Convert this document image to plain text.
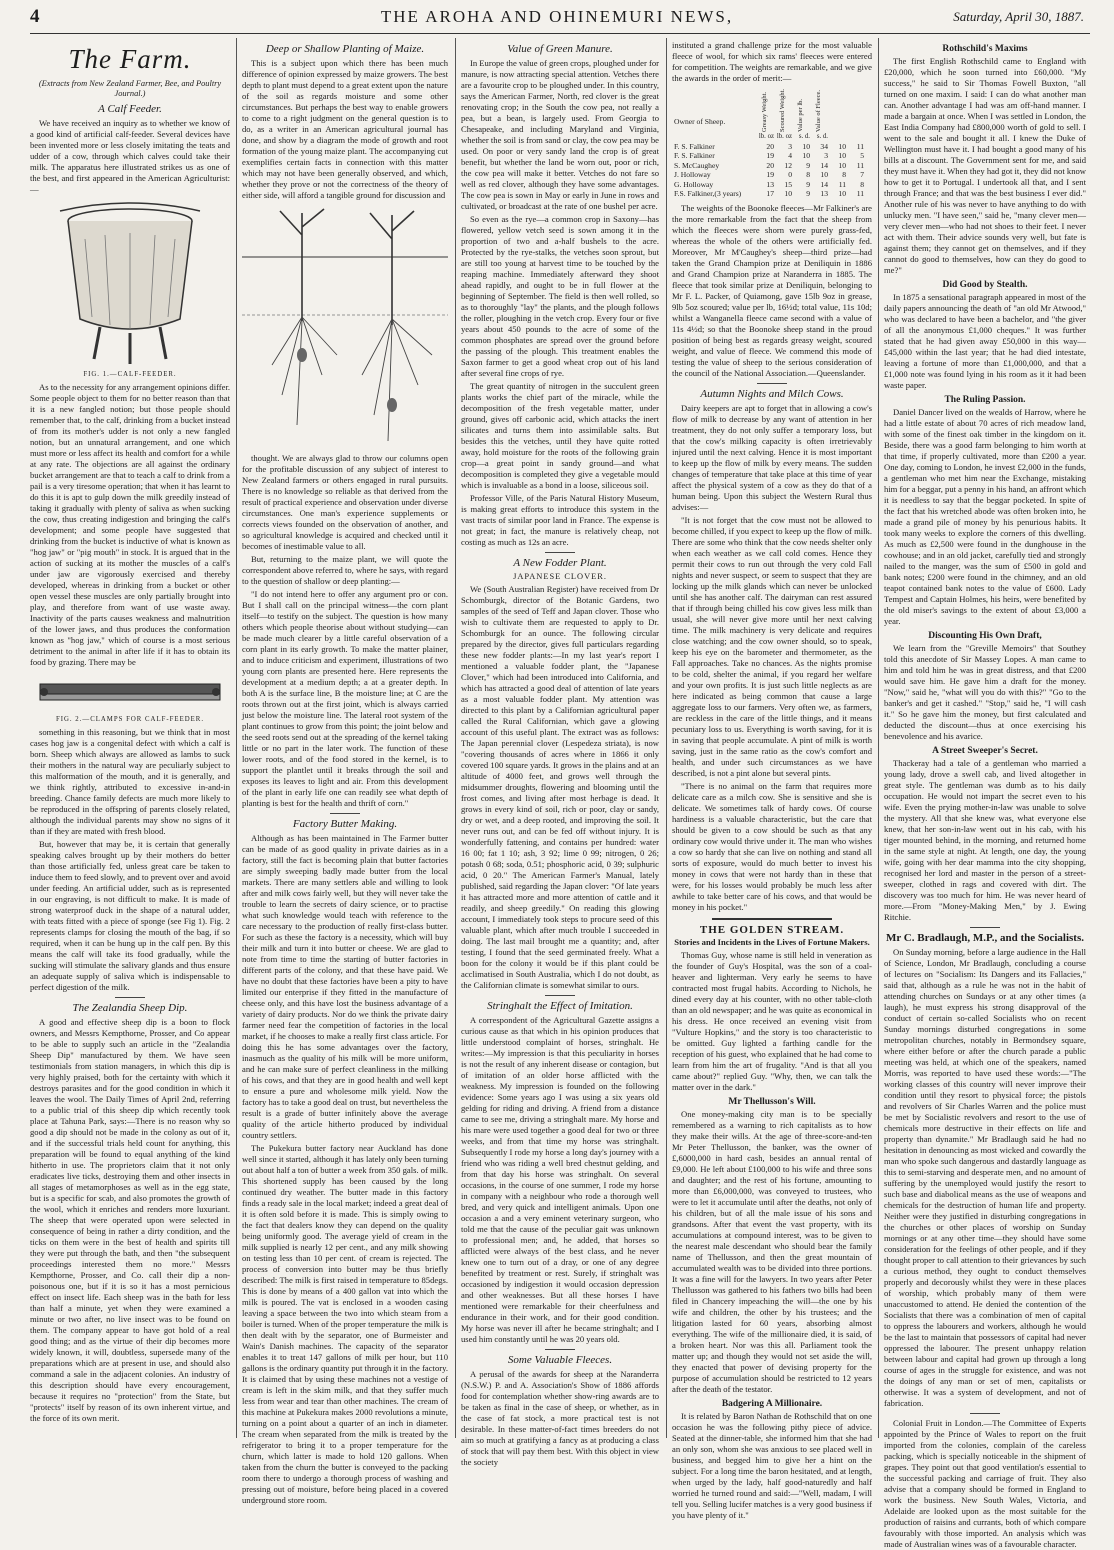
4	THE AROHA AND OHINEMURI NEWS,	Saturday, April 30, 1887.
The Farm.
(Extracts from New Zealand Farmer, Bee, and Poultry Journal.)
A Calf Feeder.

We have received an inquiry as to whether we know of a good kind of artificial calf-feeder. Several devices have been invented more or less closely imitating the teats and udder of a cow, through which calves could take their milk. The apparatus here illustrated strikes us as one of the best, and first appeared in the American Agriculturist:—

FIG. 1.—CALF-FEEDER.

As to the necessity for any arrangement opinions differ. Some people object to them for no better reason than that it is a new fangled notion; but those people should remember that, to the calf, drinking from a bucket instead of from its mother's udder is not only a new fangled notion, but an unnatural arrangement, and one which must more or less affect its health and comfort for a while at any rate. The objections are all against the ordinary bucket arrangement are that to teach a calf to drink from a pail is a very tiresome operation; that when it has learnt to do this it is apt to gulp down the milk greedily instead of taking it gradually with plenty of saliva as when sucking the cow, thus creating indigestion and bringing the calf's development; and some people have suggested that drinking from the bucket is inductive of what is known as "hog jaw" or "pig mouth" in stock. It is argued that in the action of sucking at its mother the muscles of a calf's under jaw are vigorously exercised and thereby developed, whereas in drinking from a bucket or other open vessel these muscles are only partially brought into play, and therefore from want of use waste away. Inactivity of the parts causes weakness and malnutrition of the lower jaws, and thus produces the conformation known as "hog jaw," which of course is a most serious detriment to the animal in after life if it has to obtain its food by grazing. There may be

FIG. 2.—CLAMPS FOR CALF-FEEDER.

something in this reasoning, but we think that in most cases hog jaw is a congenital defect with which a calf is born. Sheep which always are allowed as lambs to suck their mothers in the natural way are peculiarly subject to this malformation of the mouth, and it is generally, and we think rightly, attributed to excessive in-and-in breeding. Chance family defects are much more likely to be reproduced in the offspring of parents closely related, although the individual parents may show no signs of it than if they are mated with fresh blood.

But, however that may be, it is certain that generally speaking calves brought up by their mothers do better than those artificially fed, unless great care be taken to induce them to feed slowly, and to prevent over and avoid under feeding. An artificial udder, such as is represented in our engraving, is not difficult to make. It is made of strong waterproof duck in the shape of a natural udder, with teats fitted with a piece of sponge (see Fig 1). Fig. 2 represents clamps for closing the mouth of the bag, if so required, when it can be hung up in the calf pen. By this means the calf will take its food gradually, while the sucking will stimulate the salivary glands and thus ensure an adequate supply of saliva which is indispensable to perfect digestion of the milk.

The Zealandia Sheep Dip.

A good and effective sheep dip is a boon to flock owners, and Messrs Kempthorne, Prosser, and Co appear to be able to supply such an article in the "Zealandia Sheep Dip" manufactured by them. We have seen testimonials from station managers, in which this dip is very highly praised, both for the certainty with which it destroys parasites and for the good condition in which it leaves the wool. The Daily Times of April 2nd, referring to a public trial of this sheep dip which recently took place at Tahuna Park, says:—There is no reason why so good a dip should not be made in the colony as out of it, and if the successful trials held count for anything, this preparation will be found to equal anything of the kind hitherto in use. The proprietors claim that it not only eradicates live ticks, destroying them and other insects in all stages of metamorphoses as well as in the egg state, but is a specific for scab, and also promotes the growth of the wool, which it enriches and renders more luxuriant. The sheep that were operated upon were selected in consequence of being in rather a dirty condition, and the ticks on them were in the best of health and spirits till they were put through the bath, and then "the subsequent proceedings interested them no more." Messrs Kempthorne, Prosser, and Co. call their dip a non-poisonous one, but if it is so it has a most pernicious effect on insect life. Each sheep was in the bath for less than half a minute, yet when they were examined a minute or two after, no live insect was to be found on them. The company appear to have got hold of a real good thing; and as the virtue of their dip becomes more widely known, it will, doubtless, supersede many of the preparations which are at present in use, and should also command a sale in the adjacent colonies. An industry of this description should have every encouragement, because it requires no "protection" from the State, but "protects" itself by reason of its own inherent virtue, and the force of its own merit.

Deep or Shallow Planting of Maize.

This is a subject upon which there has been much difference of opinion expressed by maize growers. The best depth to plant must depend to a great extent upon the nature of the soil as regards moisture and some other circumstances. But perhaps the best way to enable growers to come to a right judgment on the general question is to do, as a writer in an American agricultural journal has done, and show by a diagram the mode of growth and root formation of the young maize plant. The accompanying cut exemplifies certain facts in connection with this matter which may not have been generally observed, and which, whether they prove or not the correctness of the theory of either side, will afford a tangible ground for discussion and

thought. We are always glad to throw our columns open for the profitable discussion of any subject of interest to New Zealand farmers or others engaged in rural pursuits. There is no knowledge so reliable as that derived from the result of practical experience and observation under diverse circumstances. One man's experience supplements or corrects views founded on the observation of another, and so agricultural knowledge is acquired and checked until it becomes of inestimable value to all.

But, returning to the maize plant, we will quote the correspondent above referred to, where he says, with regard to the question of shallow or deep planting:—

"I do not intend here to offer any argument pro or con. But I shall call on the principal witness—the corn plant itself—to testify on the subject. The question is how many others which people theorise about without studying—can be made much clearer by a little careful observation of a corn plant in its early growth. To make the matter plainer, and to induce criticism and experiment, illustrations of two young corn plants are presented here. Here represents the development at a medium depth; a at a greater depth. In both A is the surface line, B the moisture line; at C are the roots thrown out at the first joint, which is always carried just below the moisture line. The lateral root system of the plant continues to grow from this point; the joint below and the seed roots send out at the spreading of the kernel taking little or no part in the later work. The function of these lower roots, and of the food stored in the kernel, is to support the plantlet until it breaks through the soil and exposes its leaves to light and air. From this development of the plant in early life one can readily see what depth of planting is best for the health and thrift of corn."

Factory Butter Making.

Although as has been maintained in The Farmer butter can be made of as good quality in private dairies as in a factory, still the fact is becoming plain that butter factories are simply sweeping badly made butter from the local markets. There are many settlers able and willing to look after and milk cows fairly well, but they will never take the trouble to learn the secrets of dairy science, or to practise what such knowledge would teach with reference to the care necessary to the production of really first-class butter. For such as these the factory is a necessity, which will buy their milk and turn it into butter or cheese. We are glad to note from time to time the starting of butter factories in different parts of the colony, and that these have paid. We have no doubt that these factories have been a pity to have limited our enterprise if they fitted in the manufacture of cheese only, and this have lost the business advantage of a variety of dairy products. Nor do we think the private dairy farmer need fear the competition of factories in the local market, if he chooses to make a really first class article. For doing this he has some advantages over the factory, inasmuch as the quality of his milk will be more uniform, and he can make sure of perfect cleanliness in the milking of his cows, and that they are in good health and well kept to ensure a pure and wholesome milk yield. Now the factory has to take a good deal on trust, but nevertheless the result is a grade of butter infinitely above the average quality of the article hitherto produced by individual country settlers.

The Pukekura butter factory near Auckland has done well since it started, although it has lately only been turning out about half a ton of butter a week from 350 gals. of milk. This shortened supply has been caused by the long continued dry weather. The butter made in this factory finds a ready sale in the local market; indeed a great deal of it is often sold before it is made. This is simply owing to the fact that dealers know they can depend on the quality being uniformly good. The average yield of cream in the milk supplied is nearly 12 per cent., and any milk showing on testing less than 10 per cent. of cream is rejected. The process of conversion into butter may be thus briefly described: The milk is first raised in temperature to 85degs. This is done by means of a 400 gallon vat into which the milk is poured. The vat is enclosed in a wooden casing leaving a space between the two into which steam from a boiler is turned. When of the proper temperature the milk is then dealt with by the separator, one of Burmeister and Wain's Danish machines. The capacity of the separator enables it to treat 147 gallons of milk per hour, but 110 gallons is the ordinary quantity put through it in the factory. It is claimed that by using these machines not a vestige of cream is left in the skim milk, and that they suffer much less from wear and tear than other machines. The cream of this machine at Pukekura makes 2000 revolutions a minute, turning on a point about a quarter of an inch in diameter. The cream when separated from the milk is treated by the refrigerator to bring it to a proper temperature for the churn, which latter is made to hold 120 gallons. When taken from the churn the butter is conveyed to the packing room there to undergo a thorough process of washing and pressing out of moisture, before being placed in a covered underground store room.

Value of Green Manure.

In Europe the value of green crops, ploughed under for manure, is now attracting special attention. Vetches there are a favourite crop to be ploughed under. In this country, says the American Farmer, North, red clover is the great renovating crop; in the South the cow pea, not really a pea, but a bean, is largely used. From Georgia to Chesapeake, and including Maryland and Virginia, whether the soil is from sand or clay, the cow pea may be used. On poor or very sandy land the crop is of great benefit, but whether the land be worn out, poor or rich, the cow pea will make it better. Vetches do not fare so well as red clover, although they have some advantages. The cow pea is sown in May or early in June in rows and cultivated, or broadcast at the rate of one bushel per acre.

So even as the rye—a common crop in Saxony—has flowered, yellow vetch seed is sown among it in the proportion of two and a-half bushels to the acre. Protected by the rye-stalks, the vetches soon sprout, but are still too young at harvest time to be touched by the reaping machine. Immediately afterward they shoot ahead rapidly, and ought to be in full flower at the beginning of September. The field is then well rolled, so as to thoroughly "lay" the plants, and the plough follows the roller, ploughing in the vetch crop. Every four or five years about 450 pounds to the acre of some of the common phosphates are spread over the ground before the passing of the plough. This treatment enables the Saxon farmer to get a good wheat crop out of his land after several fine crops of rye.

The great quantity of nitrogen in the succulent green plants works the chief part of the miracle, while the decomposition of the fresh vegetable matter, under ground, gives off carbonic acid, which attacks the inert silicates and turns them into assimilable salts. But besides this the vetches, until they have quite rotted away, hold moisture for the roots of the following grain crop—a great point in sandy ground—and what decomposition is completed they give a vegetable mould which is invaluable as a bond in a loose, siliceous soil.

Professor Ville, of the Paris Natural History Museum, is making great efforts to introduce this system in the vast tracts of similar poor land in France. The expense is not great; in fact, the manure is relatively cheap, not costing as much as 12s an acre.

A New Fodder Plant.
JAPANESE CLOVER.

We (South Australian Register) have received from Dr Schomburgk, director of the Botanic Gardens, two samples of the seed of Teff and Japan clover. Those who wish to cultivate them are requested to apply to Dr. Schomburgk for an ounce. The following circular prepared by the director, gives full particulars regarding these new fodder plants:—In my last year's report I mentioned a valuable fodder plant, the "Japanese Clover," which had been introduced into California, and which has attracted a good deal of attention of late years as a most valuable fodder plant. My attention was directed to this plant by a Californian agricultural paper called the Rural Californian, which gave a glowing account of this useful plant. The extract was as follows: The Japan perennial clover (Lespedeza striata), is now "covering thousands of acres where in 1866 it only covered 100 square yards. It grows in the plains and at an altitude of 4000 feet, and grows well through the midsummer droughts, flowering and blooming until the frost comes, and living after most herbage is dead. It grows in every kind of soil, rich or poor, clay or sandy, dry or wet, and a deep rooted, and improving the soil. It never runs out, and can be fed off without injury. It is wonderfully fattening, and contains per hundred: water 16 00; fat 1 10; ash, 3 92; lime 0 99; nitrogen, 0 26; potash 0 68; soda, 0.51; phosphoric acid, 0 39; sulphuric acid, 0 20." The American Farmer's Manual, lately published, said regarding the Japan clover: "Of late years it has attracted more and more attention of cattle and it readily, and sheep greedily." On reading this glowing account, I immediately took steps to procure seed of this valuable plant, which after much trouble I succeeded in doing. The last mail brought me a quantity; and, after testing, I found that the seed germinated freely. What a boon for the colony it would be if this plant could be acclimatised in South Australia, which I do not doubt, as the Californian climate is somewhat similar to ours.

Stringhalt the Effect of Imitation.

A correspondent of the Agricultural Gazette assigns a curious cause as that which in his opinion produces that little understood complaint of horses, stringhalt. He writes:—My impression is that this peculiarity in horses is not the result of any inherent disease or contagion, but of imitation of an older horse afflicted with the weakness. My impression is founded on the following evidence: Some years ago I was using a six years old gelding for riding and driving. A friend from a distance came to see me, driving a stringhalt mare. My horse and his mare were used together a good deal for two or three weeks, and from that time my horse was stringhalt. Subsequently I rode my horse a long day's journey with a friend who was riding a well bred chestnut gelding, and from that day his horse was stringhalt. On several occasions, in the course of one summer, I rode my horse in company with a neighbour who rode a thorough well bred, and very quick and intelligent animals. Upon one occasion a and a very eminent veterinary surgeon, who told me that the cause of the peculiar gait was unknown to professional men; and, he added, that horses so afflicted were always of the best class, and he never knew one to turn out of a dray, or one of any degree benefited by treatment or rest. Surely, if stringhalt was occasioned by indigestion it would occasion depression and other weaknesses. But all these horses I have mentioned were remarkable for their cheerfulness and endurance in their work, and for their good condition. My horse was never ill after he became stringhalt; and I used him constantly until he was 20 years old.

Some Valuable Fleeces.

A perusal of the awards for sheep at the Naranderra (N.S.W.) P. and A. Association's Show of 1886 affords food for contemplation whether show-ring awards are to be taken as final in the case of sheep, or whether, as in the case of fat stock, a more practical test is not desirable. In these matter-of-fact times breeders do not aim so much at gratifying a fancy as at producing a class of stock that will pay them best. With this object in view the society

instituted a grand challenge prize for the most valuable fleece of wool, for which six rams' fleeces were entered for competition. The weights are remarkable, and we give the awards in the order of merit:—

Owner of Sheep.	Greasy Weight.	Scoured Weight.	Value per lb.	Value of Fleece.
lb. oz lb. oz	s. d.	s. d.
F. S. Falkiner	20	3	10	34	10	11
F. S. Falkiner	19	4	10	3	10	5
S. McCaughey	20	12	9	14	10	11
J. Holloway	19	0	8	10	8	7
G. Holloway	13	15	9	14	11	8
F.S. Falkiner,(3 years)	17	10	9	13	10	11

The weights of the Boonoke fleeces—Mr Falkiner's are the more remarkable from the fact that the sheep from which the fleeces were shorn were purely grass-fed, whereas the whole of the others were artificially fed. Moreover, Mr M'Caughey's sheep—third prize—had taken the Grand Champion prize at Deniliquin in 1886 and Grand Champion prize at Naranderra in 1885. The fleece that took similar prize at Deniliquin, belonging to Mr F. L. Packer, of Quiamong, gave 15lb 9oz in grease, 9lb 5oz scoured; value per lb, 16½d; total value, 11s 10d; whilst a Wanganella fleece came second with a value of 11s 4½d; so that the Boonoke sheep stand in the proud position of being best as regards greasy weight, scoured weight, and value of fleece. We commend this mode of testing the value of sheep to the serious consideration of the council of the National Association.—Queenslander.

Autumn Nights and Milch Cows.

Dairy keepers are apt to forget that in allowing a cow's flow of milk to decrease by any want of attention in her treatment, they do not only suffer a temporary loss, but that the cow's milking capacity is often irretrievably injured until the next calving. Hence it is most important to keep up the flow of milk by every means. The sudden changes of temperature that take place at this time of year affect the physical system of a cow as they do that of a human being. Upon this subject the Western Rural thus advises:—

"It is not forget that the cow must not be allowed to become chilled, if you expect to keep up the flow of milk. There are some who think that the cow needs shelter only when each weather as we call cold comes. Hence they permit their cows to run out through the very cold Fall nights and never suspect, or seem to suspect that they are locking up the milk glands which can never be unlocked until she has another calf. The dairyman can rest assured that if through being chilled his cow gives less milk than usual, she will never give more until her next calving time. The milk machinery is very delicate and requires close watching; and the cow owner should, so to speak, keep his eye on the barometer and thermometer, as the Fall approaches. Take no chances. As the nights promise to be cold, shelter the animal, if you regard her welfare and your own profits. It is just such little neglects as are here indicated as being common that cause a large aggregate loss to our farmers. Very often we, as farmers, are reckless in the care of the little things, and it means pecuniary loss to us. Everything is worth saving, for it is in saving that people accumulate. A pint of milk is worth saving, just in the same ratio as the cow's comfort and health, and under such circumstances as we have described, is not a pint alone but several pints.

"There is no animal on the farm that requires more delicate care as a milch cow. She is sensitive and she is delicate. We sometimes talk of hardy cows. Of course hardiness is a valuable characteristic, but the care that should be given to a cow should be such as that any ordinary cow would thrive under it. The man who wishes a cow so hardy that she can live on nothing and stand all sorts of exposure, would do much better to invest his money in cows that were not hardy than in these that were, for his losses would probably be much less after awhile to take better care of his cows, and that would be money in his pocket."

THE GOLDEN STREAM.
Stories and Incidents in the Lives of Fortune Makers.

Thomas Guy, whose name is still held in veneration as the founder of Guy's Hospital, was the son of a coal-heaver and lighterman. Very early he seems to have contracted most frugal habits. According to Nichols, he dined every day at his counter, with no other table-cloth than an old newspaper; and he was quite as economical in his dress. He once received an evening visit from "Vulture Hopkins," and the story is too characteristic to be omitted. Guy lighted a farthing candle for the reception of his guest, who explained that he had come to learn from him the art of frugality. "And is that all you came about?" replied Guy. "Why, then, we can talk the matter over in the dark."

Mr Thellusson's Will.

One money-making city man is to be specially remembered as a warning to rich capitalists as to how they make their wills. At the age of three-score-and-ten Mr Peter Thellusson, the banker, was the owner of £,6000,000 in hard cash, besides an annual rental of £9,000. He left about £100,000 to his wife and three sons and daughter; and the rest of his fortune, amounting to more than £6,000,000, was conveyed to trustees, who were to let it accumulate until after the deaths, not only of his children, but of all the male issue of his sons and grandsons. After that event the vast property, with its accumulations at compound interest, was to be given to the nearest male descendant who should bear the family name of Thellusson, and then the great mountain of accumulated wealth was to be divided into three portions. It was a fine will for the lawyers. In two years after Peter Thellusson was gathered to his fathers two bills had been filed in Chancery impeaching the will—the one by his wife and children, the other by his trustees; and the litigation lasted for 60 years, absorbing almost everything. The wife of the millionaire died, it is said, of a broken heart. Nor was this all. Parliament took the matter up; and though they would not set aside the will, they enacted that power of devising property for the purpose of accumulation should be restricted to 12 years after the death of the testator.

Badgering A Millionaire.

It is related by Baron Nathan de Rothschild that on one occasion he was the following pithy piece of advice. Seated at the dinner-table, she informed him that she had an only son, whom she was anxious to see placed well in business, and begged him to give her a hint on the subject. For a long time the baron hesitated, and at length, when urged by the lady, half good-naturedly and half worried he turned round and said:—"Well, madam, I will tell you. Selling lucifer matches is a very good business if you have plenty of it."

Rothschild's Maxims

The first English Rothschild came to England with £20,000, which he soon turned into £60,000. "My success," he said to Sir Thomas Fowell Buxton, "all turned on one maxim. I said: I can do what another man can. Another advantage I had was am off-hand manner. I made a bargain at once. When I was settled in London, the East India Company had £800,000 worth of gold to sell. I went to the sale and bought it all. I knew the Duke of Wellington must have it. I had bought a good many of his bills at a discount. The Government sent for me, and said they must have it. When they had got it, they did not know how to get it to Portugal. I undertook all that, and I sent through France; and that was the best business I ever did." Another rule of his was never to have anything to do with unlucky men. "I have seen," said he, "many clever men—very clever men—who had not shoes to their feet. I never act with them. Their advice sounds very well, but fate is against them; they cannot get on themselves, and if they cannot do good to themselves, how can they do good to me?"

Did Good by Stealth.

In 1875 a sensational paragraph appeared in most of the daily papers announcing the death of "an old Mr Atwood," who was declared to have been a bachelor, and "the giver of all the anonymous £1,000 cheques." It was further stated that he had given away £50,000 in this way—£45,000 within the last year; that he had died intestate, leaving a fortune of more than £1,000,000, and that a £1,000 note was found lying in his room as it it had been waste paper.

The Ruling Passion.

Daniel Dancer lived on the wealds of Harrow, where he had a little estate of about 70 acres of rich meadow land, with some of the finest oak timber in the kingdom on it. Beside, there was a good farm belonging to him worth at that time, if properly cultivated, more than £200 a year. One day, coming to London, he invest £2,000 in the funds, a gentleman who met him near the Exchange, mistaking him for a beggar, put a penny in his hand, an affront which it is needless to say that the beggar pocketed. In spite of the fact that his wretched abode was often broken into, he made a grand pile of money by his penurious habits. It took many weeks to explore the corners of this dwelling. As much as £2,500 were found in the dunghouse in the cowhouse; and in an old jacket, carefully tied and strongly nailed to the manger, was the sum of £500 in gold and bank notes; £200 were found in the chimney, and an old teapot contained bank notes to the value of £600. Lady Tempest and Captain Holmes, his heirs, were benefited by the old miser's savings to the extent of about £3,000 a year.

Discounting His Own Draft,

We learn from the "Greville Memoirs" that Southey told this anecdote of Sir Massey Lopes. A man came to him and told him he was in great distress, and that £200 would save him. He gave him a draft for the money. "Now," said he, "what will you do with this?" "Go to the banker's and get it cashed." "Stop," said he, "I will cash it." So he gave him the money, but first calculated and deducted the discount—thus at once exercising his benevolence and his avarice.

A Street Sweeper's Secret.

Thackeray had a tale of a gentleman who married a young lady, drove a swell cab, and lived altogether in great style. The gentleman was dumb as to his daily occupation. He would not impart the secret even to his wife. Even the prying mother-in-law was unable to solve the mystery. All that she knew was, what everyone else knew, that her son-in-law went out in his cab, with his tiger mounted behind, in the morning, and returned home in the same style at night. At length, one day, the young wife, going with her dear mamma into the city shopping, recognised her lord and master in the person of a street-sweeper, clothed in rags and covered with dirt. The discovery was too much for him. He was never heard of more.—From "Money-Making Men," by J. Ewing Ritchie.

Mr C. Bradlaugh, M.P., and the Socialists.

On Sunday morning, before a large audience in the Hall of Science, London, Mr Bradlaugh, concluding a course of lectures on "Socialism: Its Dangers and its Fallacies," said that, although as a rule he was not in the habit of attending churches on Sundays or at any other times (a laugh), he must express his strong disapproval of the conduct of certain so-called Socialists who on recent Sunday mornings disturbed congregations in some metropolitan churches, notably in Bermondsey square, where either before or after the church parade a public meeting was held, at which one of the speakers, named Morris, was reported to have used these words:—"The working classes of this country will never improve their condition until they resort to physical force; the pistols and revolvers of Sir Charles Warren and the police must be met by Socialistic revolvers and resort to the use of chemicals more destructive in their effects on life and property than dynamite." Mr Bradlaugh said he had no hesitation in denouncing as most wicked and cowardly the man who spoke such dangerous and dastardly language as this to semi-starving and desperate men, and no amount of suffering by the unemployed would justify the resort to such base and diabolical means as the use of weapons and chemicals for the destruction of human life and property. Neither were they justified in disturbing congregations in the churches or other places of worship on Sunday mornings or at any other time—they should have some consideration for the feelings of other people, and if they thought proper to call attention to their grievances by such a curious method, they ought to conduct themselves properly and decorously whilst they were in these places of worship, which probably many of them were unaccustomed to attend. He denied the contention of the Socialists that there was a combination of men of capital to oppress the labourers and workers, although he would be the last to maintain that possessors of capital had never oppressed the labourer. The present unhappy relation between labour and capital had grown up through a long course of ages in the struggle for existence, and was not the doings of any man or set of men, capitalists or otherwise. It was a system of development, and not of fabrication.

Colonial Fruit in London.—The Committee of Experts appointed by the Prince of Wales to report on the fruit imported from the colonies, complain of the careless packing, which is specially noticeable in the shipment of grapes. They point out that good ventilation's essential to the successful packing and carriage of fruit. They also advise that a company should be formed in England to work the business. New South Wales, Victoria, and Adelaide are looked upon as the most suitable for the production of raisins and currants, both of which compare favourably with those imported. An analysis which was made of Australian wines was of a favourable character.
